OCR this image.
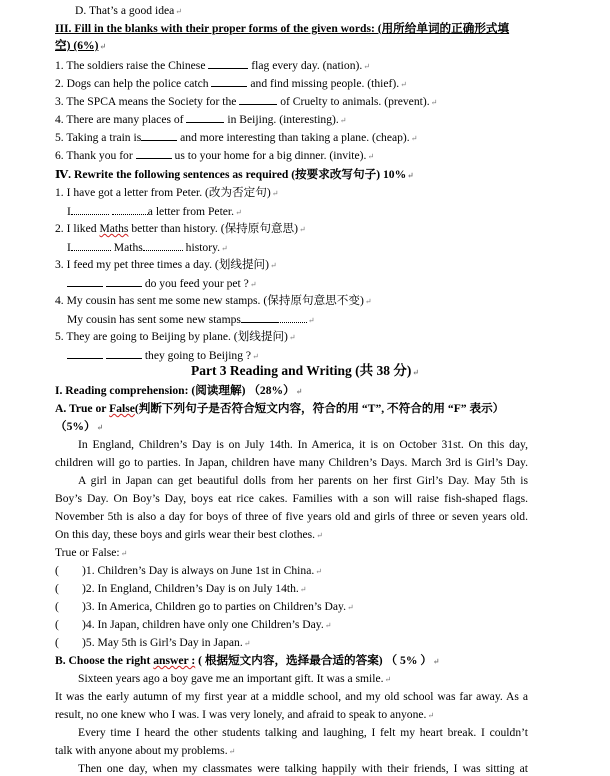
D. That’s a good idea↵
III. Fill in the blanks with their proper forms of the given words: (用所给单词的正确形式填
空) (6%)↵
1. The soldiers raise the Chinese	flag every day. (nation).↵
2. Dogs can help the police catch	and find missing people. (thief).↵
3. The SPCA means the Society for the	of Cruelty to animals. (prevent).↵
4. There are many places of	in Beijing. (interesting).↵
5. Taking a train is	and more interesting than taking a plane. (cheap).↵
6. Thank you for	us to your home for a big dinner. (invite).↵
Ⅳ. Rewrite the following sentences as required (按要求改写句子) 10%↵
1. I have got a letter from Peter. (改为否定句)↵
I	a letter from Peter.↵
2. I liked Maths better than history. (保持原句意思)↵
I	Maths	history.↵
3. I feed my pet three times a day. (划线提问)↵
do you feed your pet ?↵
4. My cousin has sent me some new stamps. (保持原句意思不变)↵
My cousin has sent some new stamps	↵
5. They are going to Beijing by plane. (划线提问)↵
they going to Beijing ?↵
Part 3 Reading and Writing (共 38 分)↵
I. Reading comprehension: (阅读理解) （28%）↵
A. True or False(判断下列句子是否符合短文内容，符合的用 “T”, 不符合的用 “F” 表示）
（5%）↵
In England, Children’s Day is on July 14th. In America, it is on October 31st. On this day,
children will go to parties. In Japan, children have many Children’s Days. March 3rd is Girl’s Day.
A girl in Japan can get beautiful dolls from her parents on her first Girl’s Day. May 5th is
Boy’s Day. On Boy’s Day, boys eat rice cakes. Families with a son will raise fish-shaped flags.
November 5th is also a day for boys of three of five years old and girls of three or seven years old.
On this day, these boys and girls wear their best clothes.↵
True or False:↵
(        )1. Children’s Day is always on June 1st in China.↵
(        )2. In England, Children’s Day is on July 14th.↵
(        )3. In America, Children go to parties on Children’s Day.↵
(        )4. In Japan, children have only one Children’s Day.↵
(        )5. May 5th is Girl’s Day in Japan.↵
B. Choose the right answer : ( 根据短文内容，选择最合适的答案) （ 5% ）↵
Sixteen years ago a boy gave me an important gift. It was a smile.↵
It was the early autumn of my first year at a middle school, and my old school was far away. As a
result, no one knew who I was. I was very lonely, and afraid to speak to anyone.↵
Every time I heard the other students talking and laughing, I felt my heart break. I couldn’t
talk with anyone about my problems.↵
Then one day, when my classmates were talking happily with their friends, I was sitting at
